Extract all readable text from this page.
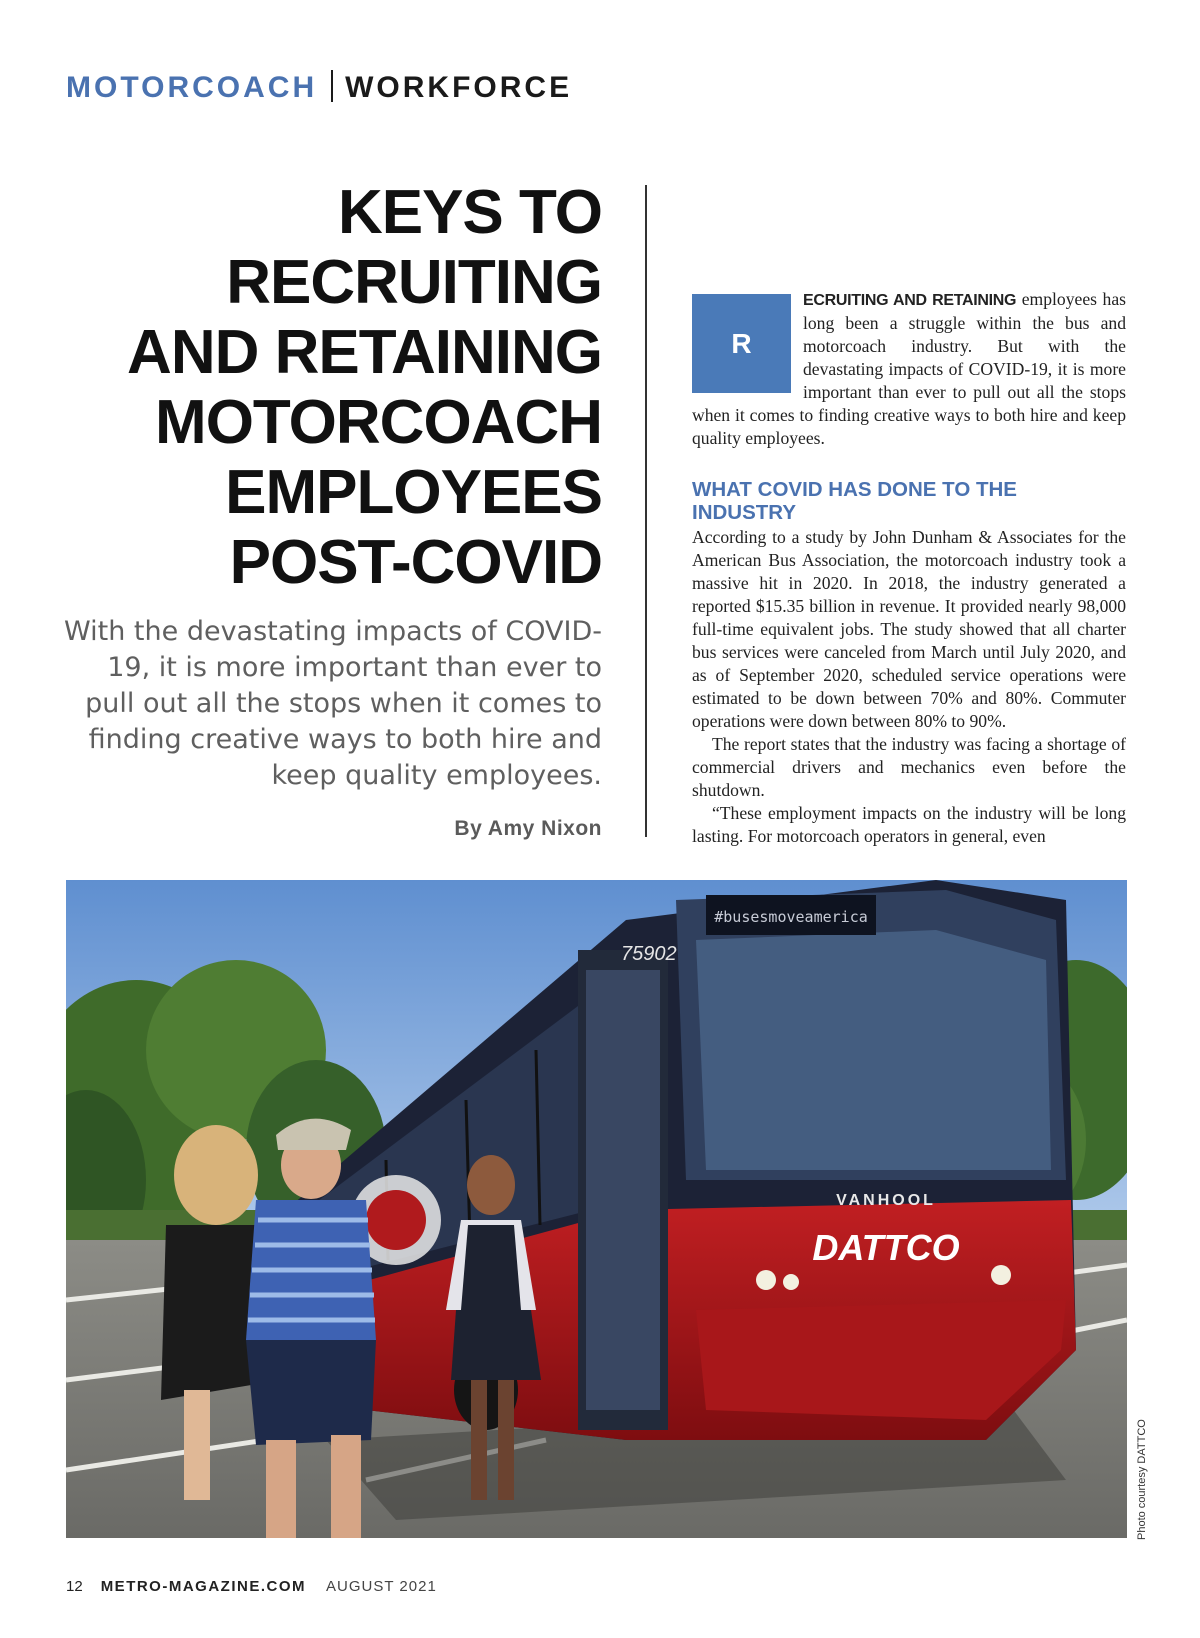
MOTORCOACH WORKFORCE
KEYS TO
RECRUITING
AND RETAINING
MOTORCOACH
EMPLOYEES
POST-COVID
With the devastating impacts of COVID-19, it is more important than ever to pull out all the stops when it comes to finding creative ways to both hire and keep quality employees.
By Amy Nixon
R

ECRUITING AND RETAINING employees has long been a struggle within the bus and motorcoach industry. But with the devastating impacts of COVID-19, it is more important than ever to pull out all the stops when it comes to finding creative ways to both hire and keep quality employees.

WHAT COVID HAS DONE TO THE INDUSTRY

According to a study by John Dunham & Associates for the American Bus Association, the motorcoach industry took a massive hit in 2020. In 2018, the industry generated a reported $15.35 billion in revenue. It provided nearly 98,000 full-time equivalent jobs. The study showed that all charter bus services were canceled from March until July 2020, and as of September 2020, scheduled service operations were estimated to be down between 70% and 80%. Commuter operations were down between 80% to 90%.

The report states that the industry was facing a shortage of commercial drivers and mechanics even before the shutdown.

“These employment impacts on the industry will be long lasting. For motorcoach operators in general, even

#busesmoveamerica
75902
VANHOOL
DATTCO
Photo courtesy DATTCO
12 METRO-MAGAZINE.COM AUGUST 2021
